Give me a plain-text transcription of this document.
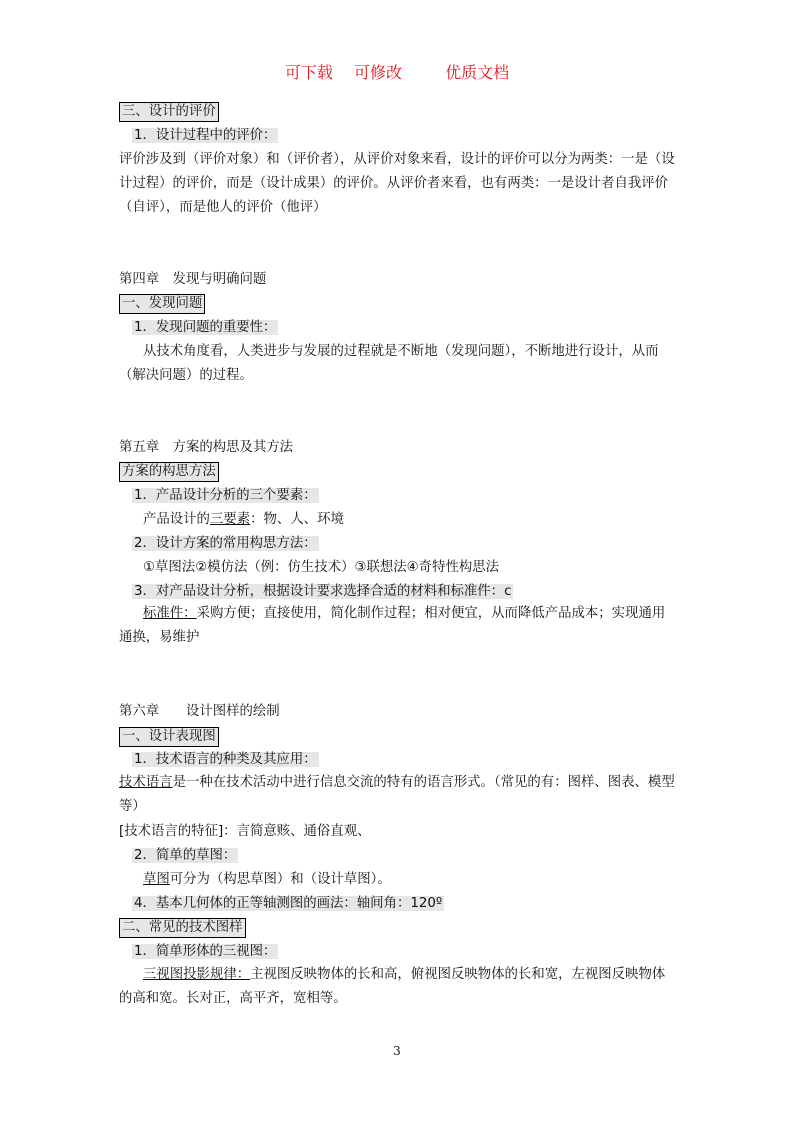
可下载 可修改	优质文档
三、设计的评价
1．设计过程中的评价：
评价涉及到（评价对象）和（评价者），从评价对象来看，设计的评价可以分为两类：一是（设计过程）的评价，而是（设计成果）的评价。从评价者来看，也有两类：一是设计者自我评价（自评），而是他人的评价（他评）
第四章　发现与明确问题
一、发现问题
1．发现问题的重要性：
从技术角度看，人类进步与发展的过程就是不断地（发现问题），不断地进行设计，从而（解决问题）的过程。
第五章　方案的构思及其方法
方案的构思方法
1．产品设计分析的三个要素：
产品设计的三要素：物、人、环境
2．设计方案的常用构思方法：
①草图法②模仿法（例：仿生技术）③联想法④奇特性构思法
3．对产品设计分析，根据设计要求选择合适的材料和标准件：c
标准件：采购方便；直接使用，简化制作过程；相对便宜，从而降低产品成本；实现通用通换，易维护
第六章　　设计图样的绘制
一、设计表现图
1．技术语言的种类及其应用：
技术语言是一种在技术活动中进行信息交流的特有的语言形式。（常见的有：图样、图表、模型等）
[技术语言的特征]：言简意赅、通俗直观、
2．简单的草图：
草图可分为（构思草图）和（设计草图）。
4．基本几何体的正等轴测图的画法：轴间角：120º
二、常见的技术图样
1．简单形体的三视图：
三视图投影规律：主视图反映物体的长和高，俯视图反映物体的长和宽，左视图反映物体的高和宽。长对正，高平齐，宽相等。
3
